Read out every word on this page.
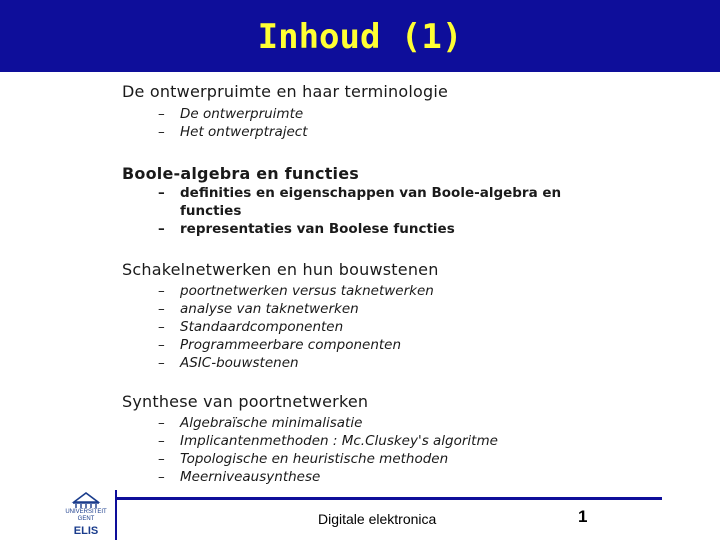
Inhoud (1)
De ontwerpruimte en haar terminologie
– De ontwerpruimte
– Het ontwerptraject
Boole-algebra en functies
– definities en eigenschappen van Boole-algebra en functies
– representaties van Boolese functies
Schakelnetwerken en hun bouwstenen
– poortnetwerken versus taknetwerken
– analyse van taknetwerken
– Standaardcomponenten
– Programmeerbare componenten
– ASIC-bouwstenen
Synthese van poortnetwerken
– Algebraïsche minimalisatie
– Implicantenmethoden : Mc.Cluskey's algoritme
– Topologische en heuristische methoden
– Meerniveausynthese
UNIVERSITEIT
GENT
ELIS
Digitale elektronica	1
